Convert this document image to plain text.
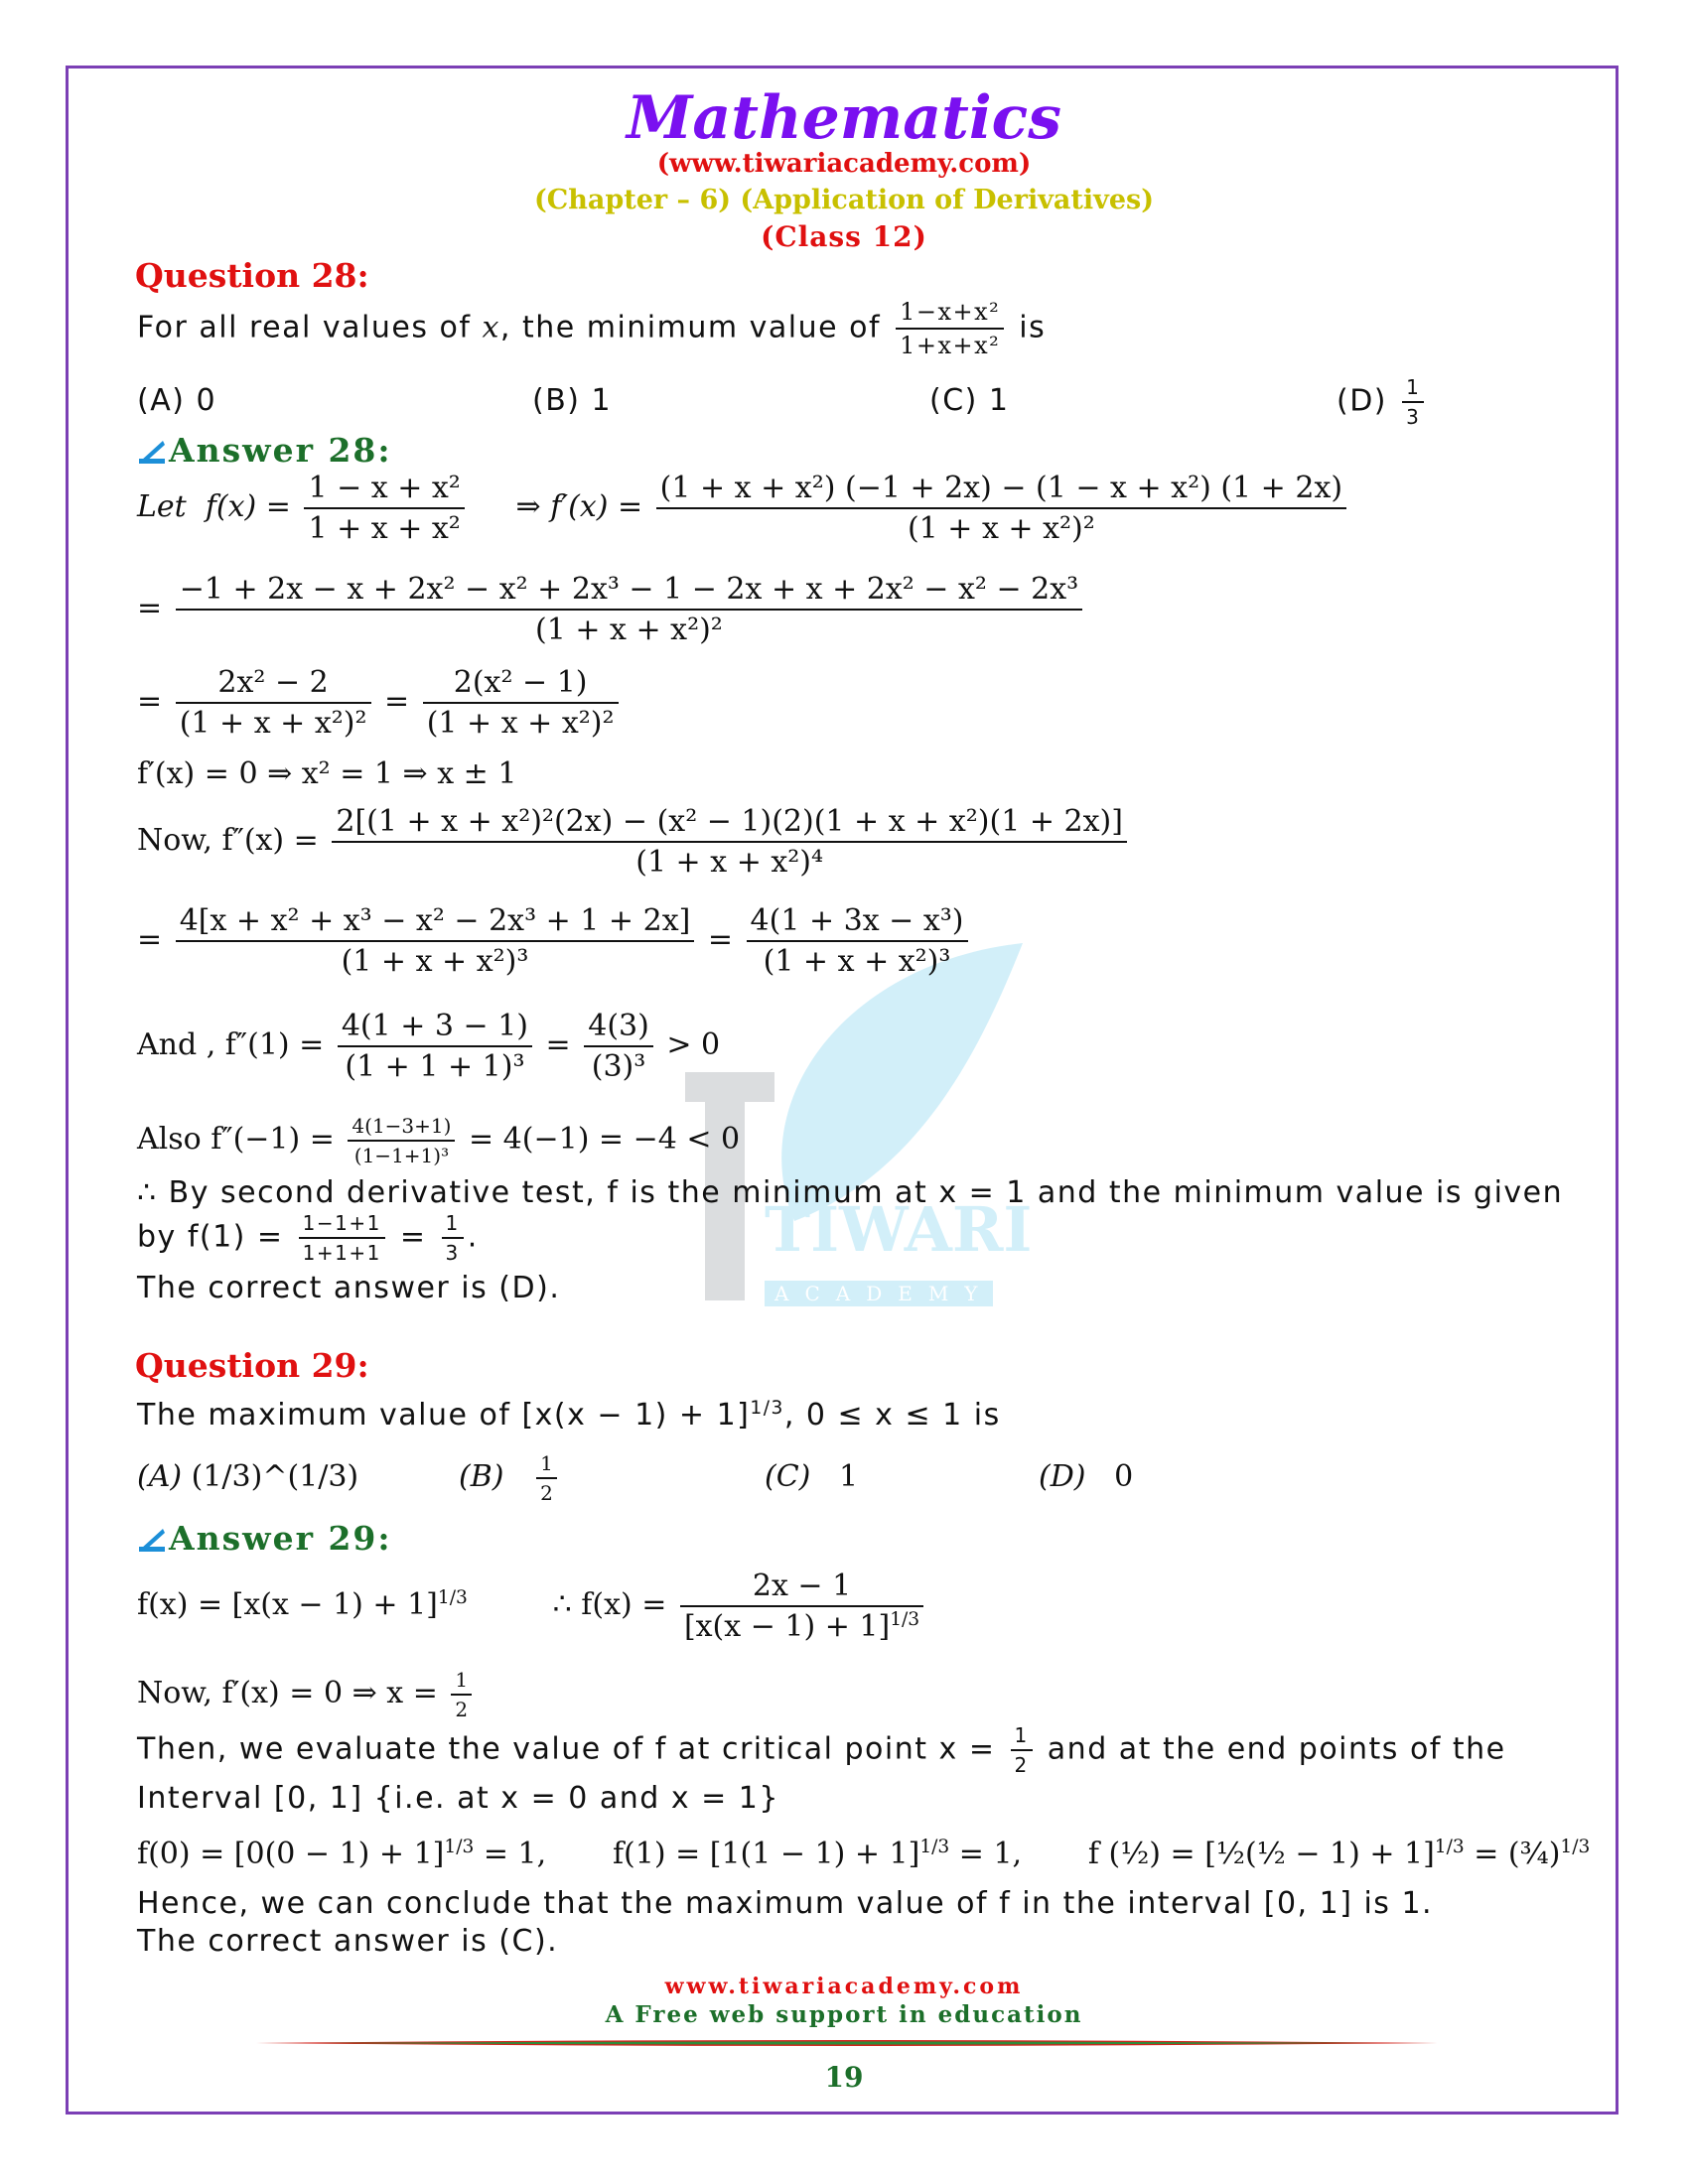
Mathematics
(www.tiwariacademy.com)
(Chapter – 6) (Application of Derivatives)
(Class 12)
TIWARI
ACADEMY
Question 28:
For all real values of x, the minimum value of $\frac{\text{1−x+x²}}{\text{1+x+x²}}$ is
(A) 0	(B) 1	(C) 1	$(D) \frac{1}{3}$
Answer 28:
Let $f(x) = \frac{\text{1 − x + x²}}{\text{1 + x + x²}}$ ⇒ $f'(x) = \frac{\text{(1 + x + x²) (−1 + 2x) − (1 − x + x²) (1 + 2x)}}{\text{(1 + x + x²)²}}$
= $\frac{\text{−1 + 2x − x + 2x² − x² + 2x³ − 1 − 2x + x + 2x² − x² − 2x³}}{\text{(1 + x + x²)²}}$
= $\frac{\text{2x² − 2}}{\text{(1 + x + x²)²}} = \frac{\text{2(x² − 1)}}{\text{(1 + x + x²)²}}$
f′(x) = 0 ⇒ x² = 1 ⇒ x ± 1
Now, $f''(x) = \frac{\text{2[(1 + x + x²)²(2x) − (x² − 1)(2)(1 + x + x²)(1 + 2x)]}}{\text{(1 + x + x²)⁴}}$
= $\frac{\text{4[x + x² + x³ − x² − 2x³ + 1 + 2x]}}{\text{(1 + x + x²)³}} = \frac{\text{4(1 + 3x − x³)}}{\text{(1 + x + x²)³}}$
And , $f''(1) = \frac{4(1 + 3 - 1)}{\text{(1 + 1 + 1)³}} = \frac{4(3)}{\text{(3)³}} > 0$
Also $f''(-1) = \frac{4(1-3+1)}{\text{(1−1+1)³}} = 4(-1) = -4 < 0$
∴ By second derivative test, f is the minimum at x = 1 and the minimum value is given
by $f(1) = \frac{1-1+1}{1+1+1} = \frac{1}{3}$ .
The correct answer is (D).
Question 29:
The maximum value of $[x(x - 1) + 1]^{1/3}$, 0 ≤ x ≤ 1 is
(A) (1/3)^(1/3)	$(B) \frac{1}{2}$	(C) 1	(D) 0
Answer 29:
$f(x) = [x(x - 1) + 1]^{1/3}$	∴ $f(x) = \frac{2x - 1}{[x(x - 1) + 1]^{1/3}}$
Now, f′(x) = 0 ⇒ $x = \frac{1}{2}$
Then, we evaluate the value of f at critical point $x = \frac{1}{2}$ and at the end points of the
Interval [0, 1] {i.e. at x = 0 and x = 1}
$f(0) = [0(0 - 1) + 1]^{1/3} = 1$, $f(1) = [1(1 - 1) + 1]^{1/3} = 1$, f (½) = [½(½ − 1) + 1]$^{1/3}$ = (¾)$^{1/3}$
Hence, we can conclude that the maximum value of f in the interval [0, 1] is 1.
The correct answer is (C).
www.tiwariacademy.com
A Free web support in education
19
